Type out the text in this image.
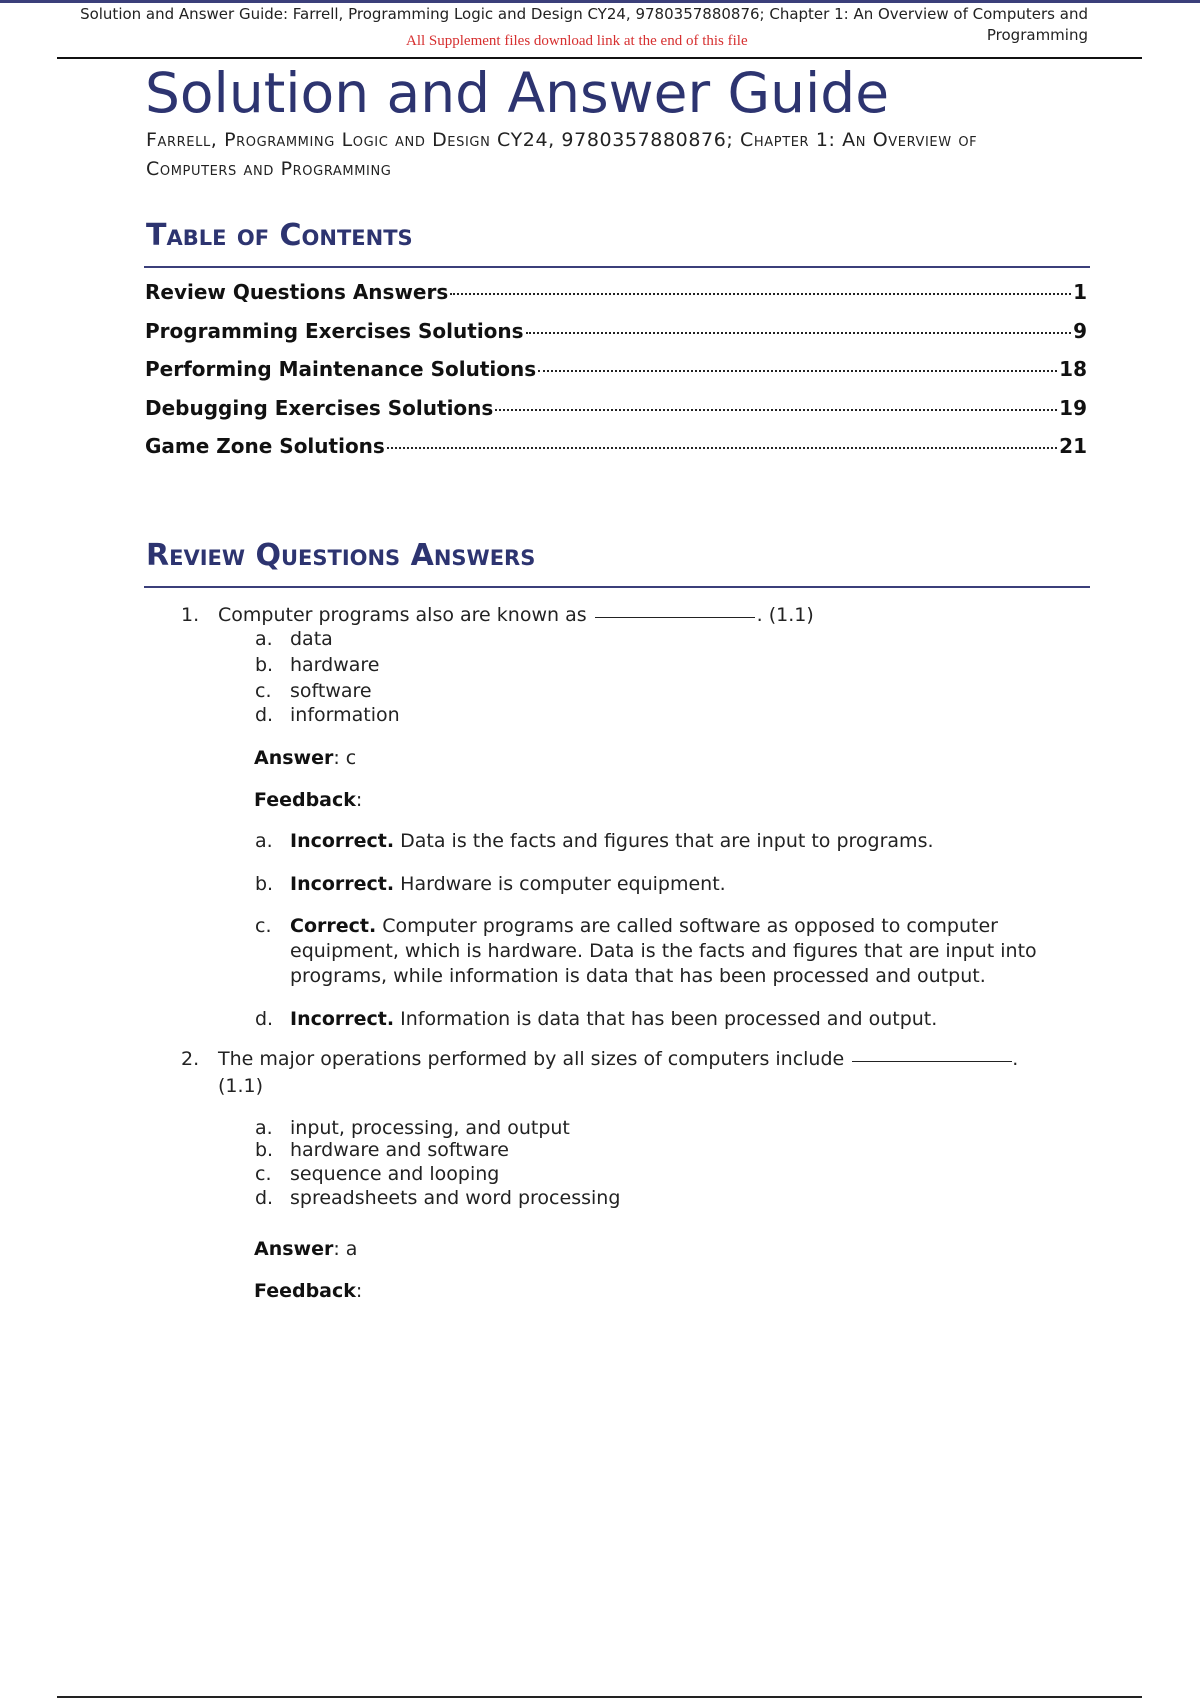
Solution and Answer Guide: Farrell, Programming Logic and Design CY24, 9780357880876; Chapter 1: An Overview of Computers and Programming
All Supplement files download link at the end of this file
Solution and Answer Guide
Farrell, Programming Logic and Design CY24, 9780357880876; Chapter 1: An Overview of Computers and Programming
Table of Contents
Review Questions Answers	1
Programming Exercises Solutions	9
Performing Maintenance Solutions	18
Debugging Exercises Solutions	19
Game Zone Solutions	21
Review Questions Answers
1. Computer programs also are known as	. (1.1)
a. data
b. hardware
c. software
d. information
Answer: c
Feedback:
a. Incorrect. Data is the facts and figures that are input to programs.
b. Incorrect. Hardware is computer equipment.
c. Correct. Computer programs are called software as opposed to computer equipment, which is hardware. Data is the facts and figures that are input into programs, while information is data that has been processed and output.
d. Incorrect. Information is data that has been processed and output.
2. The major operations performed by all sizes of computers include	.
(1.1)
a. input, processing, and output
b. hardware and software
c. sequence and looping
d. spreadsheets and word processing
Answer: a
Feedback:
